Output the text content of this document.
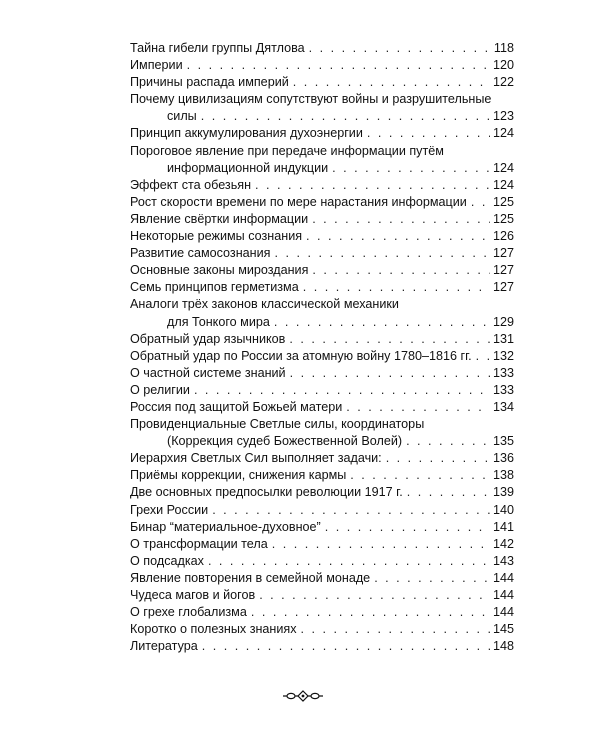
Тайна гибели группы Дятлова . . .	118
Империи . . .	120
Причины распада империй . . .	122
Почему цивилизациям сопутствуют войны и разрушительные
силы . . .	123
Принцип аккумулирования духоэнергии . . .	124
Пороговое явление при передаче информации путём
информационной индукции . . .	124
Эффект ста обезьян . . .	124
Рост скорости времени по мере нарастания информации . . . 125
Явление свёртки информации . . .	125
Некоторые режимы сознания . . .	126
Развитие самосознания . . .	127
Основные законы мироздания . . .	127
Семь принципов герметизма . . .	127
Аналоги трёх законов классической механики
для Тонкого мира . . .	129
Обратный удар язычников . . .	131
Обратный удар по России за атомную войну 1780–1816 гг. . . . 132
О частной системе знаний . . .	133
О религии . . .	133
Россия под защитой Божьей матери . . .	134
Провиденциальные Светлые силы, координаторы
(Коррекция судеб Божественной Волей) . . .	135
Иерархия Светлых Сил выполняет задачи: . . .	136
Приёмы коррекции, снижения кармы . . .	138
Две основных предпосылки революции 1917 г. . . .	139
Грехи России . . .	140
Бинар “материальное-духовное” . . .	141
О трансформации тела . . .	142
О подсадках . . .	143
Явление повторения в семейной монаде . . .	144
Чудеса магов и йогов . . .	144
О грехе глобализма . . .	144
Коротко о полезных знаниях . . .	145
Литература . . .	148
